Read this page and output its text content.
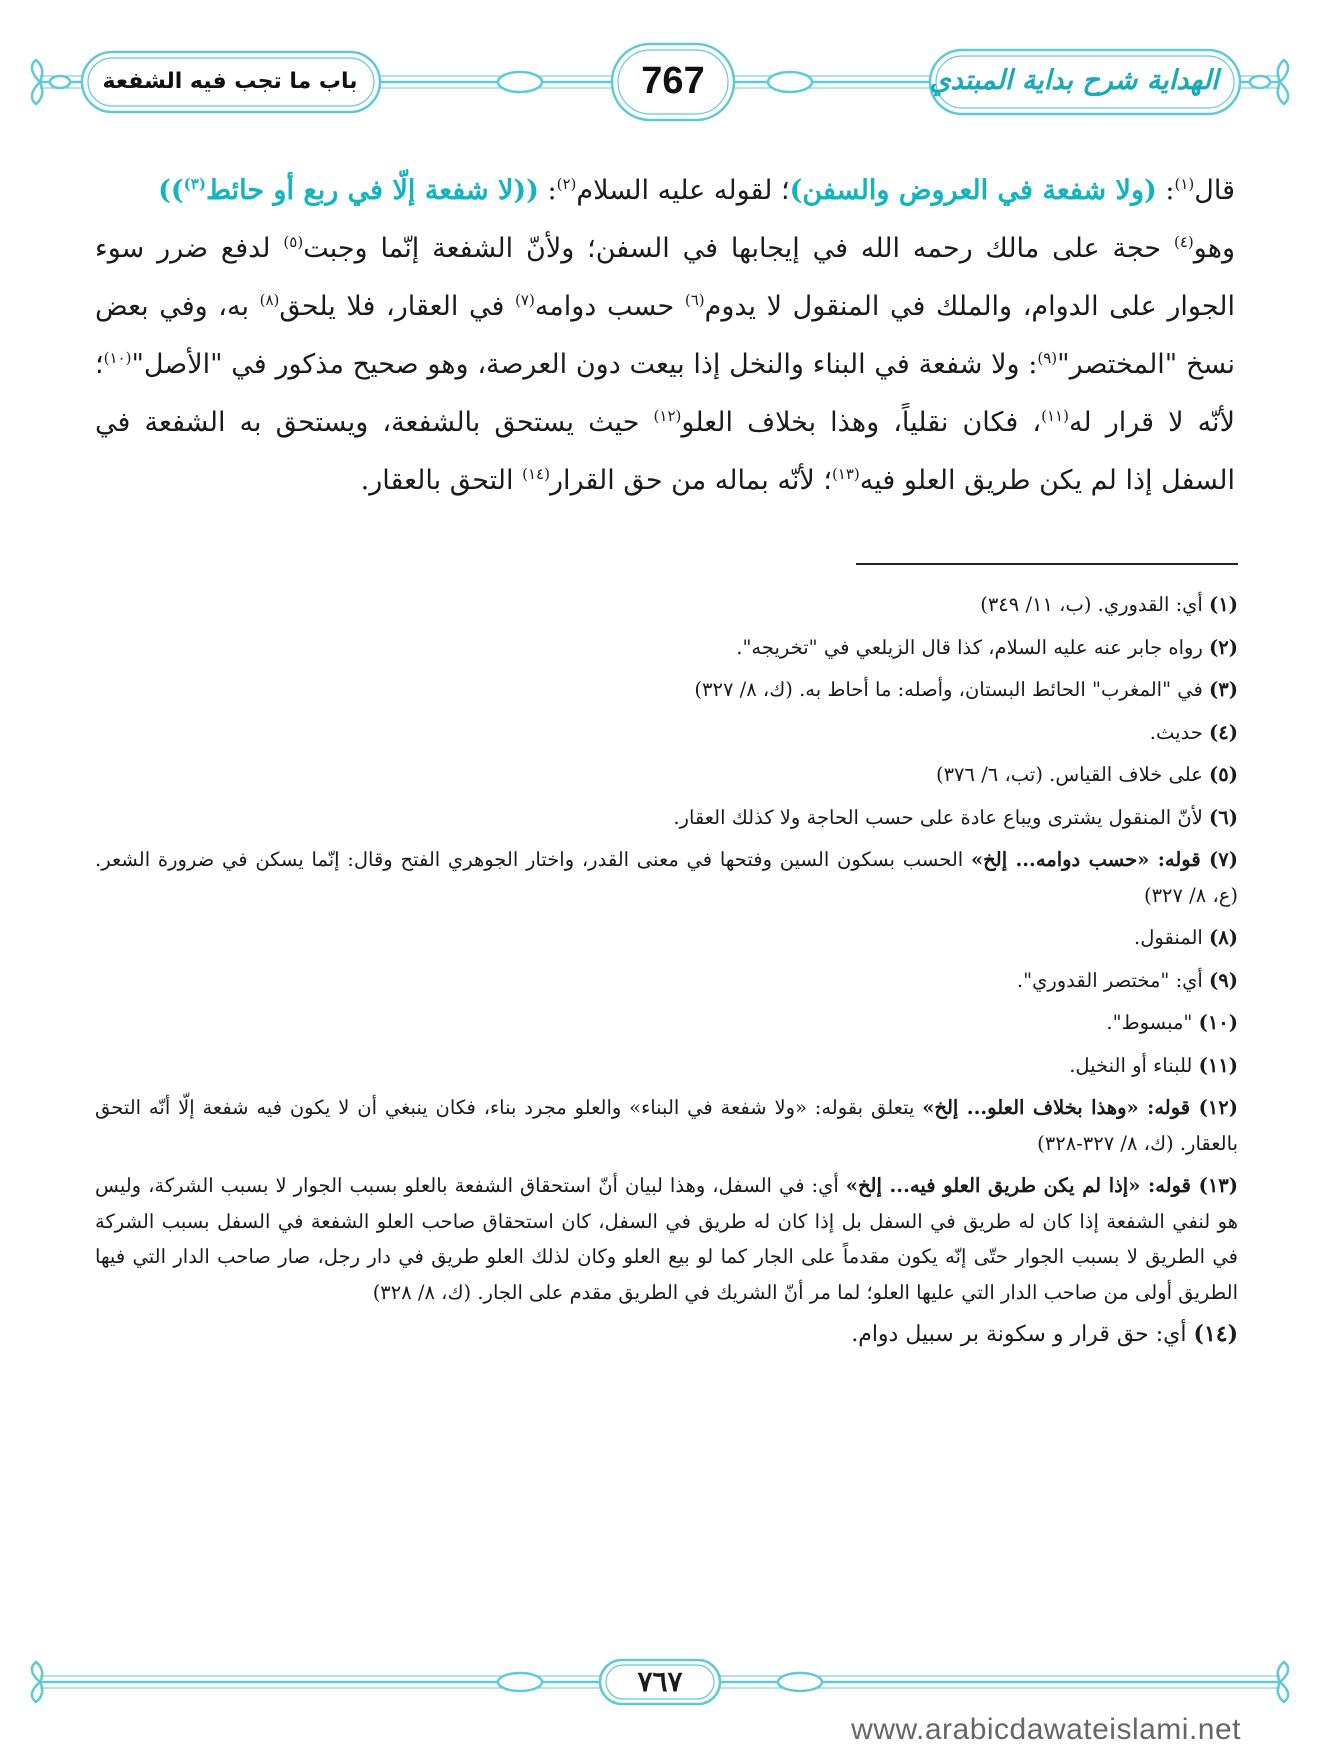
الهداية شرح بداية المبتدي
767
باب ما تجب فيه الشفعة

قال$^{(١)}$: (ولا شفعة في العروض والسفن)؛ لقوله عليه السلام$^{(٢)}$: ((لا شفعة إلّا في ربع أو حائط$^{(٣)}$))

وهو$^{(٤)}$ حجة على مالك رحمه الله في إيجابها في السفن؛ ولأنّ الشفعة إنّما وجبت$^{(٥)}$ لدفع ضرر سوء الجوار على الدوام، والملك في المنقول لا يدوم$^{(٦)}$ حسب دوامه$^{(٧)}$ في العقار، فلا يلحق$^{(٨)}$ به، وفي بعض نسخ "المختصر"$^{(٩)}$: ولا شفعة في البناء والنخل إذا بيعت دون العرصة، وهو صحيح مذكور في "الأصل"$^{(١٠)}$؛ لأنّه لا قرار له$^{(١١)}$، فكان نقلياً، وهذا بخلاف العلو$^{(١٢)}$ حيث يستحق بالشفعة، ويستحق به الشفعة في السفل إذا لم يكن طريق العلو فيه$^{(١٣)}$؛ لأنّه بماله من حق القرار$^{(١٤)}$ التحق بالعقار.

(١) أي: القدوري. (ب، ١١/ ٣٤٩)
(٢) رواه جابر عنه عليه السلام، كذا قال الزيلعي في "تخريجه".
(٣) في "المغرب" الحائط البستان، وأصله: ما أحاط به. (ك، ٨/ ٣٢٧)
(٤) حديث.
(٥) على خلاف القياس. (تب، ٦/ ٣٧٦)
(٦) لأنّ المنقول يشترى ويباع عادة على حسب الحاجة ولا كذلك العقار.
(٧) قوله: «حسب دوامه... إلخ» الحسب بسكون السين وفتحها في معنى القدر، واختار الجوهري الفتح وقال: إنّما يسكن في ضرورة الشعر. (ع، ٨/ ٣٢٧)
(٨) المنقول.
(٩) أي: "مختصر القدوري".
(١٠) "مبسوط".
(١١) للبناء أو النخيل.
(١٢) قوله: «وهذا بخلاف العلو... إلخ» يتعلق بقوله: «ولا شفعة في البناء» والعلو مجرد بناء، فكان ينبغي أن لا يكون فيه شفعة إلّا أنّه التحق بالعقار. (ك، ٨/ ٣٢٧-٣٢٨)
(١٣) قوله: «إذا لم يكن طريق العلو فيه... إلخ» أي: في السفل، وهذا لبيان أنّ استحقاق الشفعة بالعلو بسبب الجوار لا بسبب الشركة، وليس هو لنفي الشفعة إذا كان له طريق في السفل بل إذا كان له طريق في السفل، كان استحقاق صاحب العلو الشفعة في السفل بسبب الشركة في الطريق لا بسبب الجوار حتّى إنّه يكون مقدماً على الجار كما لو بيع العلو وكان لذلك العلو طريق في دار رجل، صار صاحب الدار التي فيها الطريق أولى من صاحب الدار التي عليها العلو؛ لما مر أنّ الشريك في الطريق مقدم على الجار. (ك، ٨/ ٣٢٨)
(١٤) أي: حق قرار و سكونة بر سبيل دوام.
٧٦٧
www.arabicdawateislami.net
